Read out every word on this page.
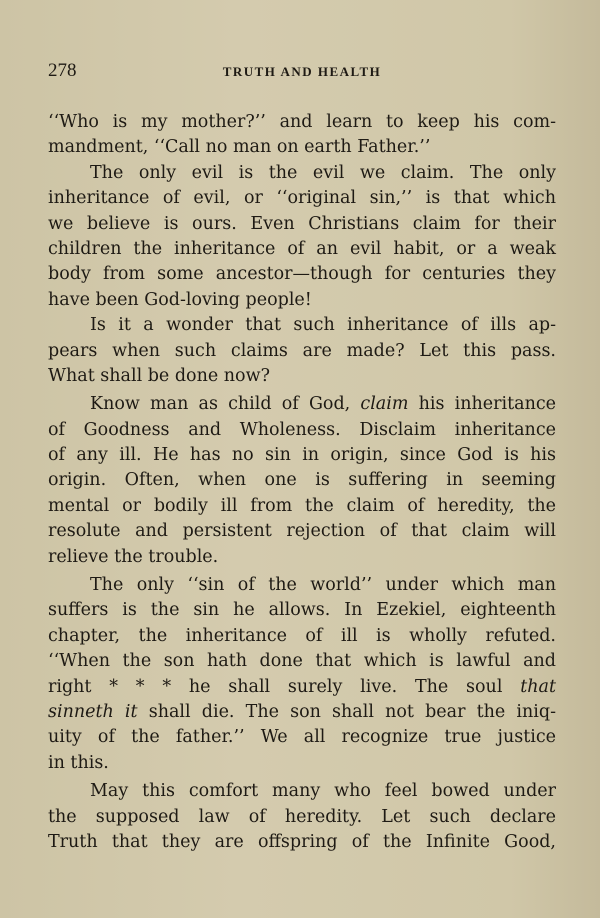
278	TRUTH AND HEALTH
‘‘Who is my mother?’’ and learn to keep his com-
mandment, ‘‘Call no man on earth Father.’’
The only evil is the evil we claim. The only
inheritance of evil, or ‘‘original sin,’’ is that which
we believe is ours. Even Christians claim for their
children the inheritance of an evil habit, or a weak
body from some ancestor—though for centuries they
have been God-loving people!
Is it a wonder that such inheritance of ills ap-
pears when such claims are made? Let this pass.
What shall be done now?
Know man as child of God, claim his inheritance
of Goodness and Wholeness. Disclaim inheritance
of any ill. He has no sin in origin, since God is his
origin. Often, when one is suffering in seeming
mental or bodily ill from the claim of heredity, the
resolute and persistent rejection of that claim will
relieve the trouble.
The only ‘‘sin of the world’’ under which man
suffers is the sin he allows. In Ezekiel, eighteenth
chapter, the inheritance of ill is wholly refuted.
‘‘When the son hath done that which is lawful and
right * * * he shall surely live. The soul that
sinneth it shall die. The son shall not bear the iniq-
uity of the father.’’ We all recognize true justice
in this.
May this comfort many who feel bowed under
the supposed law of heredity. Let such declare
Truth that they are offspring of the Infinite Good,
